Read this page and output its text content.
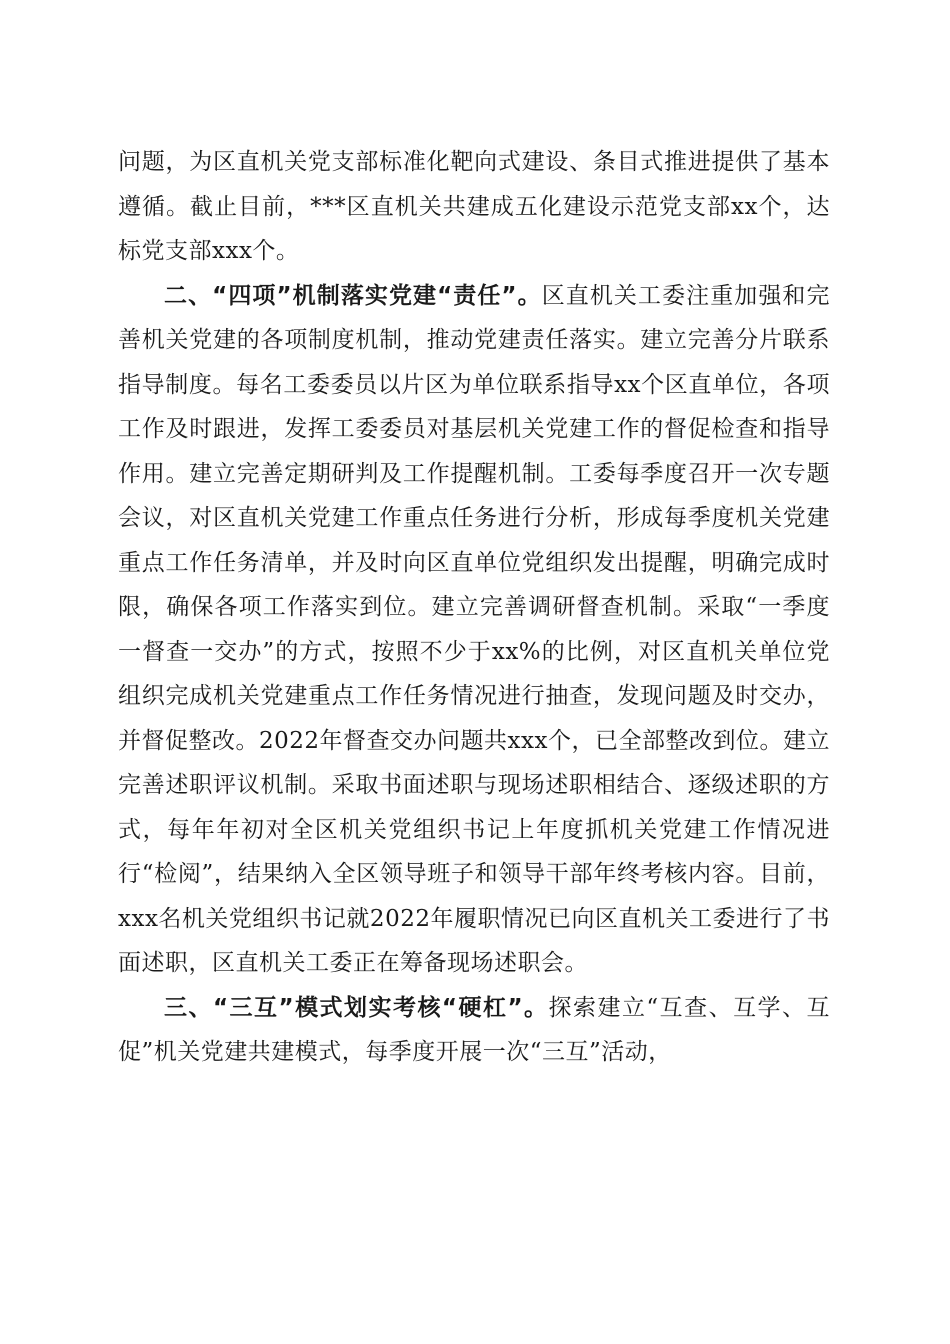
问题，为区直机关党支部标准化靶向式建设、条目式推进提供了基本遵循。截止目前，***区直机关共建成五化建设示范党支部xx个，达标党支部xxx个。

二、“四项”机制落实党建“责任”。区直机关工委注重加强和完善机关党建的各项制度机制，推动党建责任落实。建立完善分片联系指导制度。每名工委委员以片区为单位联系指导xx个区直单位，各项工作及时跟进，发挥工委委员对基层机关党建工作的督促检查和指导作用。建立完善定期研判及工作提醒机制。工委每季度召开一次专题会议，对区直机关党建工作重点任务进行分析，形成每季度机关党建重点工作任务清单，并及时向区直单位党组织发出提醒，明确完成时限，确保各项工作落实到位。建立完善调研督查机制。采取“一季度一督查一交办”的方式，按照不少于xx%的比例，对区直机关单位党组织完成机关党建重点工作任务情况进行抽查，发现问题及时交办，并督促整改。2022年督查交办问题共xxx个，已全部整改到位。建立完善述职评议机制。采取书面述职与现场述职相结合、逐级述职的方式，每年年初对全区机关党组织书记上年度抓机关党建工作情况进行“检阅”，结果纳入全区领导班子和领导干部年终考核内容。目前，xxx名机关党组织书记就2022年履职情况已向区直机关工委进行了书面述职，区直机关工委正在筹备现场述职会。

三、“三互”模式划实考核“硬杠”。探索建立“互查、互学、互促”机关党建共建模式，每季度开展一次“三互”活动，
